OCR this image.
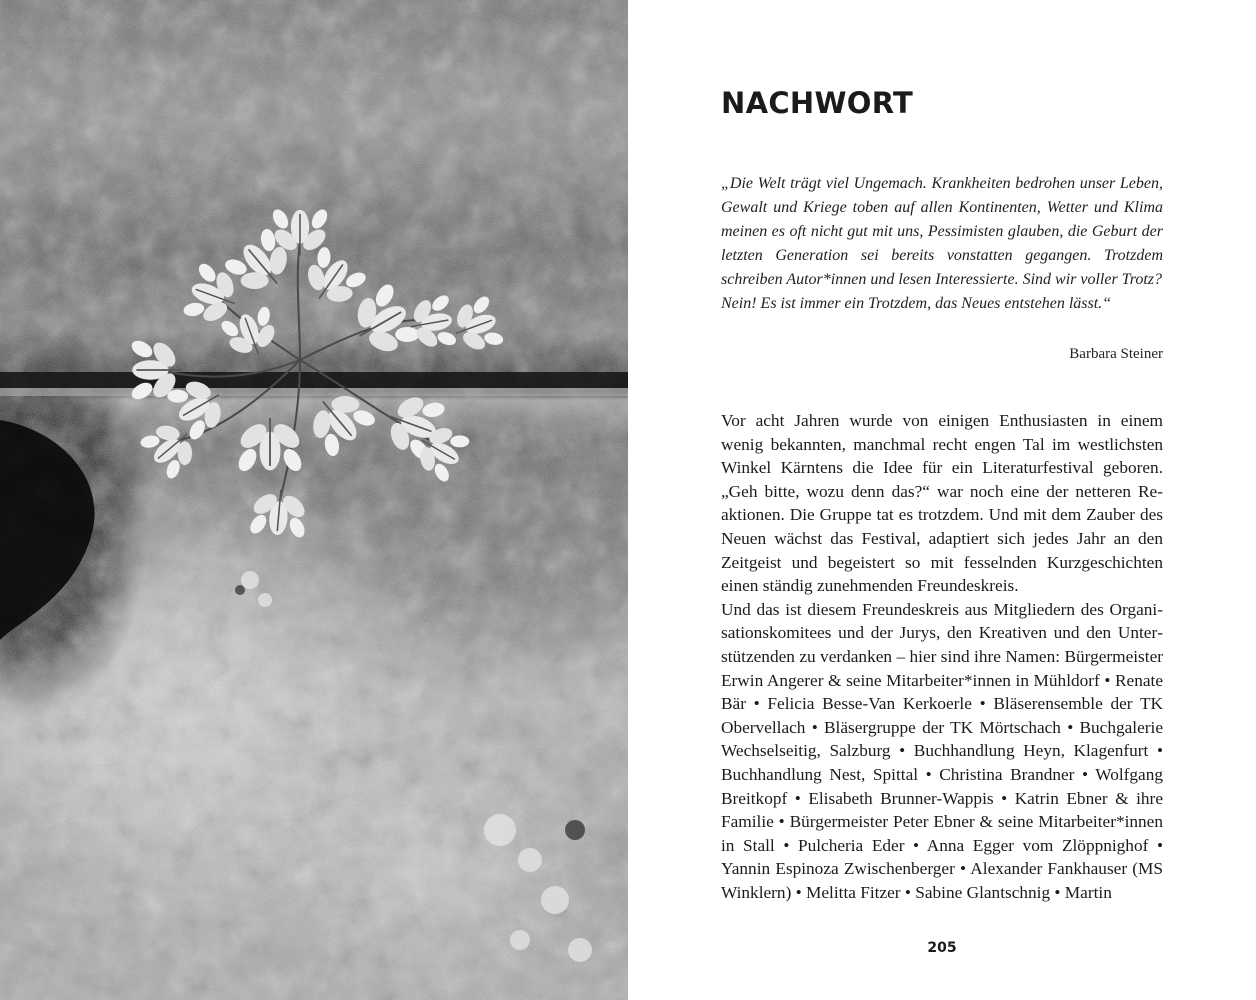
NACHWORT

„Die Welt trägt viel Ungemach. Krankheiten bedrohen unser Leben, Gewalt und Kriege toben auf allen Kontinenten, Wetter und Klima meinen es oft nicht gut mit uns, Pessimisten glauben, die Geburt der letzten Generation sei bereits vonstatten gegangen. Trotzdem schreiben Autor*innen und lesen Interessierte. Sind wir voller Trotz?

Nein! Es ist immer ein Trotzdem, das Neues entstehen lässt.“

Barbara Steiner

Vor acht Jahren wurde von einigen Enthusiasten in einem wenig bekannten, manchmal recht engen Tal im westlichsten Winkel Kärntens die Idee für ein Literaturfestival geboren. „Geh bitte, wozu denn das?“ war noch eine der netteren Reaktionen. Die Gruppe tat es trotzdem. Und mit dem Zauber des Neuen wächst das Festival, adaptiert sich jedes Jahr an den Zeitgeist und begeistert so mit fesselnden Kurzgeschichten einen ständig zunehmenden Freundeskreis.

Und das ist diesem Freundeskreis aus Mitgliedern des Organisationskomitees und der Jurys, den Kreativen und den Unterstützenden zu verdanken – hier sind ihre Namen: Bürgermeister Erwin Angerer & seine Mitarbeiter*innen in Mühldorf • Renate Bär • Felicia Besse-Van Kerkoerle • Bläserensemble der TK Obervellach • Bläsergruppe der TK Mörtschach • Buchgalerie Wechselseitig, Salzburg • Buchhandlung Heyn, Klagenfurt • Buchhandlung Nest, Spittal • Christina Brandner • Wolfgang Breitkopf • Elisabeth Brunner-Wappis • Katrin Ebner & ihre Familie • Bürgermeister Peter Ebner & seine Mitarbeiter*innen in Stall • Pulcheria Eder • Anna Egger vom Zlöppnighof • Yannin Espinoza Zwischenberger • Alexander Fankhauser (MS Winklern) • Melitta Fitzer • Sabine Glantschnig • Martin

205
